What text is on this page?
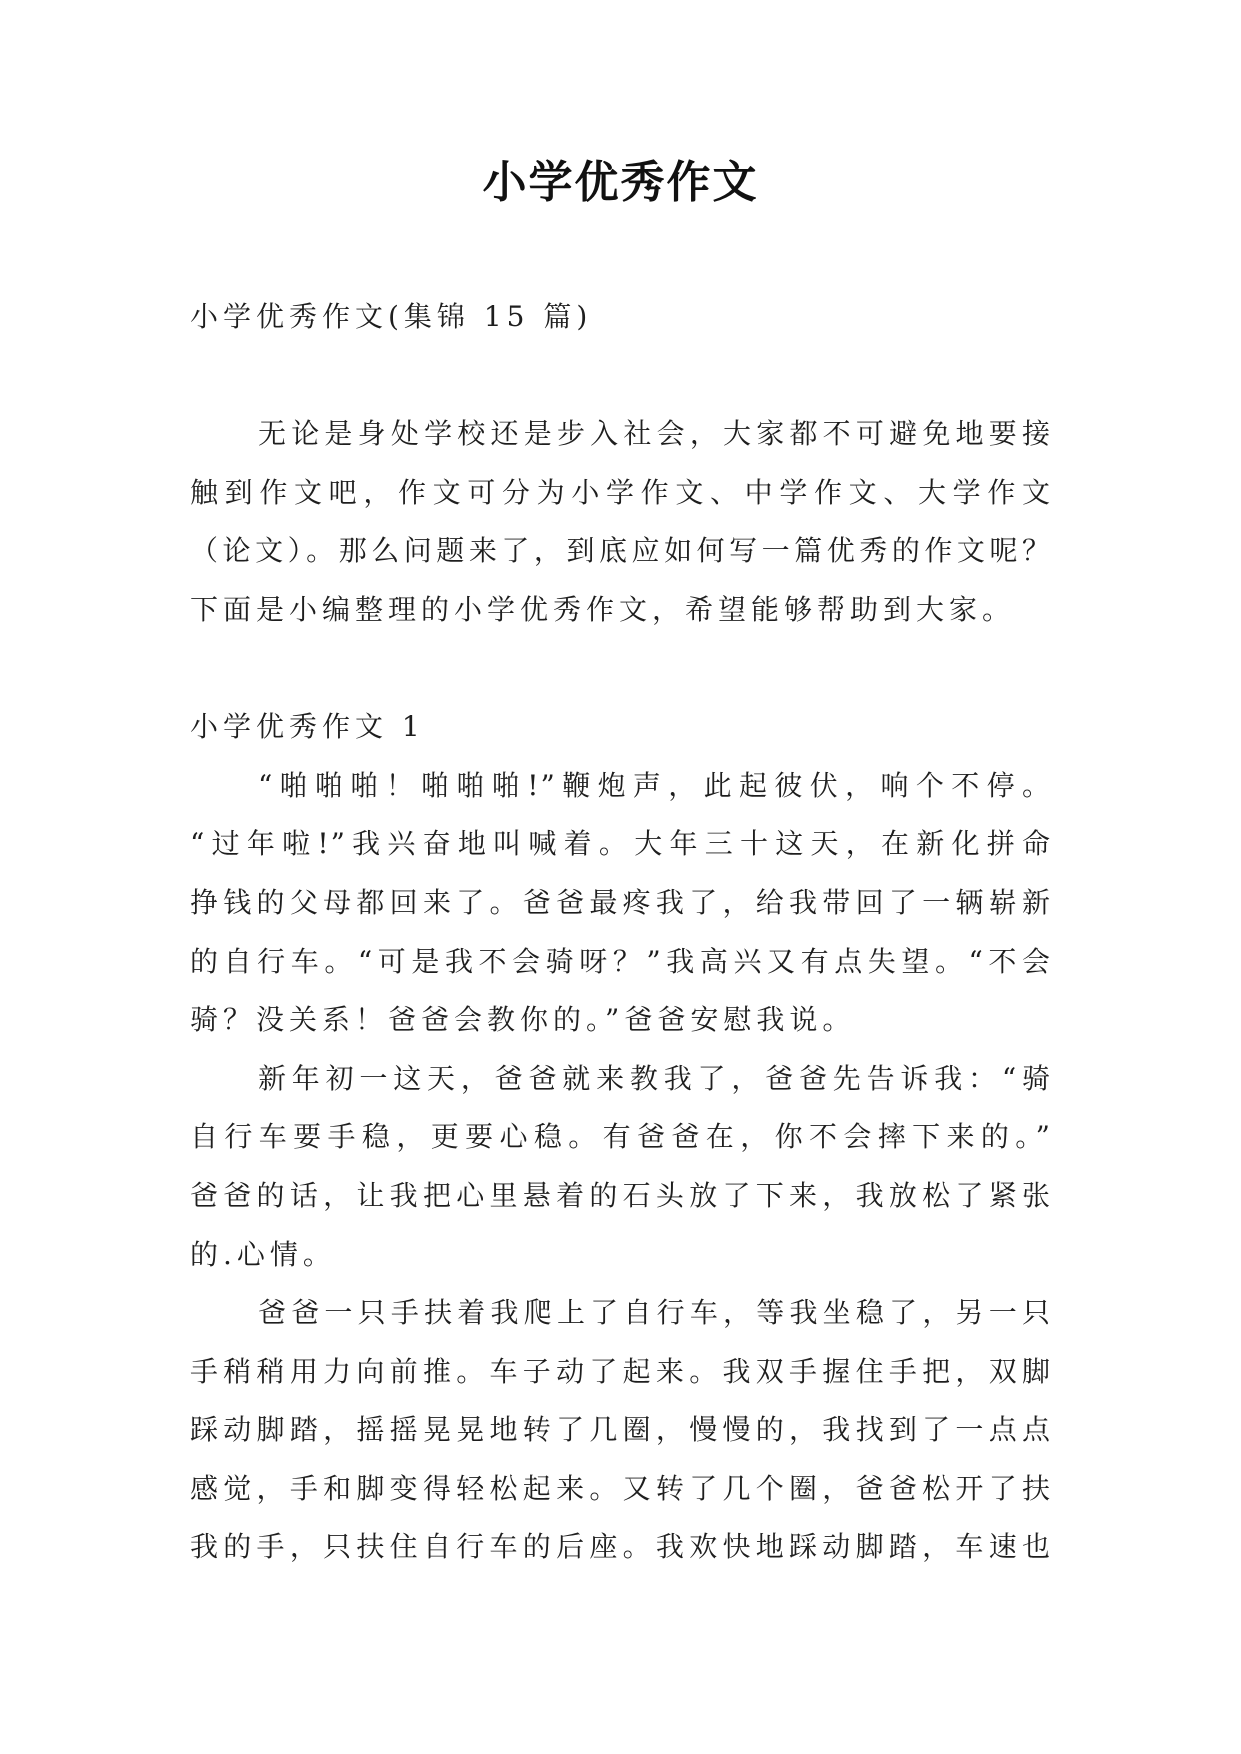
小学优秀作文
小学优秀作文(集锦 15 篇)
无论是身处学校还是步入社会，大家都不可避免地要接
触到作文吧，作文可分为小学作文、中学作文、大学作文
（论文）。那么问题来了，到底应如何写一篇优秀的作文呢？
下面是小编整理的小学优秀作文，希望能够帮助到大家。
小学优秀作文 1
“啪啪啪！啪啪啪!”鞭炮声，此起彼伏，响个不停。
“过年啦!”我兴奋地叫喊着。大年三十这天，在新化拼命
挣钱的父母都回来了。爸爸最疼我了，给我带回了一辆崭新
的自行车。“可是我不会骑呀？”我高兴又有点失望。“不会
骑？没关系！爸爸会教你的。”爸爸安慰我说。
新年初一这天，爸爸就来教我了，爸爸先告诉我：“骑
自行车要手稳，更要心稳。有爸爸在，你不会摔下来的。”
爸爸的话，让我把心里悬着的石头放了下来，我放松了紧张
的.心情。
爸爸一只手扶着我爬上了自行车，等我坐稳了，另一只
手稍稍用力向前推。车子动了起来。我双手握住手把，双脚
踩动脚踏，摇摇晃晃地转了几圈，慢慢的，我找到了一点点
感觉，手和脚变得轻松起来。又转了几个圈，爸爸松开了扶
我的手，只扶住自行车的后座。我欢快地踩动脚踏，车速也
